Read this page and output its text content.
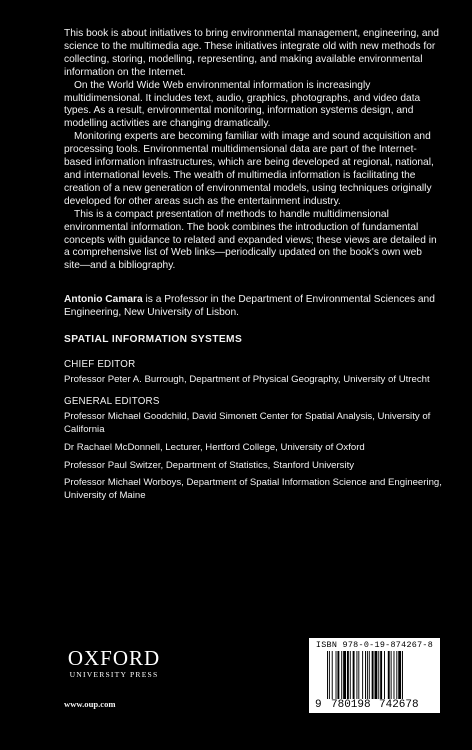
This book is about initiatives to bring environmental management, engineering, and science to the multimedia age. These initiatives integrate old with new methods for collecting, storing, modelling, representing, and making available environmental information on the Internet.

On the World Wide Web environmental information is increasingly multidimensional. It includes text, audio, graphics, photographs, and video data types. As a result, environmental monitoring, information systems design, and modelling activities are changing dramatically.

Monitoring experts are becoming familiar with image and sound acquisition and processing tools. Environmental multidimensional data are part of the Internet-based information infrastructures, which are being developed at regional, national, and international levels. The wealth of multimedia information is facilitating the creation of a new generation of environmental models, using techniques originally developed for other areas such as the entertainment industry.

This is a compact presentation of methods to handle multidimensional environmental information. The book combines the introduction of fundamental concepts with guidance to related and expanded views; these views are detailed in a comprehensive list of Web links—periodically updated on the book's own web site—and a bibliography.

Antonio Camara is a Professor in the Department of Environmental Sciences and Engineering, New University of Lisbon.
SPATIAL INFORMATION SYSTEMS
CHIEF EDITOR
Professor Peter A. Burrough, Department of Physical Geography, University of Utrecht
GENERAL EDITORS
Professor Michael Goodchild, David Simonett Center for Spatial Analysis, University of California
Dr Rachael McDonnell, Lecturer, Hertford College, University of Oxford
Professor Paul Switzer, Department of Statistics, Stanford University
Professor Michael Worboys, Department of Spatial Information Science and Engineering, University of Maine
OXFORD
UNIVERSITY PRESS
www.oup.com
ISBN 978-0-19-874267-8
9 780198 742678
